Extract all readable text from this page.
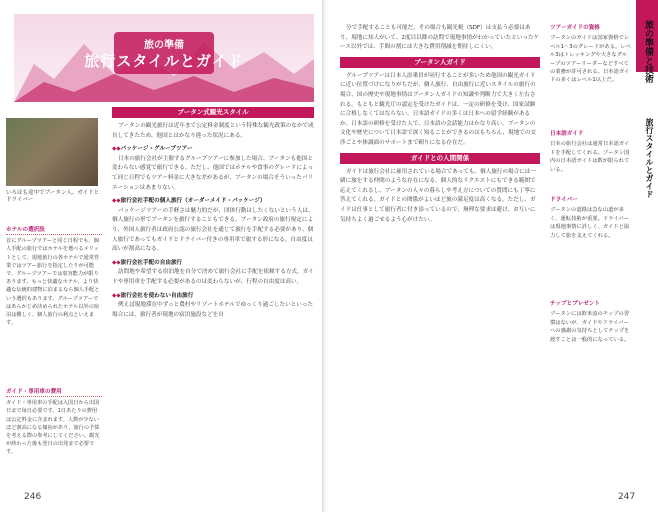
旅の準備
旅行スタイルとガイド
いろはも途中でブータン人、ガイドとドライバー
ホテルの選択肢
首にグループツアーと同じ日程でも、個人手配の旅行ではホテルを選べるメリットとして、現地旅行の各ホテルで通常営業ではツアー旅行を指定したりが可能で、グループツアーでは収容能力が限りあります。もっと快適なホテル、より快適な伝統的建物に泊まるなら個人手配という選択もあります。グループツアーではあらかじめ決められたホテル以外の宿泊は難しく、個人旅行の利点といえます。
ガイド・専用車の費用
ガイド・専用車の手配は入国日から出国日まで毎日必要です。1日あたりの費用は公定料金に含まれます。人数が少ないほど割高になる傾向があり、旅行の予算を考える際の参考にしてください。観光が終わった後も翌日の出発まで必要です。
ブータン式観光スタイル

ブータンの観光旅行は近年まで公定料金制度という特殊な観光政策のなかで成長してきたため、他国とはかなり違った状況にある。

◆◆パッケージ・グループツアー

日本の旅行会社が主催するグループツアーに参加した場合、ブータンも他国と変わらない感覚で旅行できる。ただし、他国ではホテルや食事のグレードによって同じ日程でもツアー料金に大きな差があるが、ブータンの場合そういったバリエーションはあまりない。

◆◆旅行会社手配の個人旅行（オーダーメイド・パッケージ）

パッケージツアーの手軽さは魅力的だが、団体行動はしたくないという人は、個人旅行の形でブータンを旅行することもできる。ブータン政府の旅行規定により、外国人旅行者は政府公認の旅行会社を通じて旅行を手配する必要があり、個人旅行であってもガイドとドライバー付きの専用車で旅する形になる。自由度は高いが割高になる。

◆◆旅行会社手配の自由旅行

訪問地や希望する宿泊地を自分で決めて旅行会社に手配を依頼する方式。ガイドや専用車を手配する必要があるのは変わらないが、行程の自由度は高い。

◆◆旅行会社を使わない自由旅行

例えば現地滞在中ずっと農村やリゾートホテルでゆっくり過ごしたいといった場合には、旅行者が現地の宿泊施設などを自

246

分で手配することも可能だ。その場合も観光税（SDF）は支払う必要はあり、現地に知人がいて、2度目以降の訪問で現地事情がわかっていたといったケース以外では、手間の割には大きな費用削減を期待しにくい。

ブータン人ガイド

グループツアーは日本人添乗員が同行することが多いため他国の観光ガイドに近い位置づけになりがちだが、個人旅行、自由旅行に近いスタイルの旅行の場合、国の歴史や現地事情はブータン人ガイドの知識や判断力で大きく左右される。もともと観光庁の認定を受けたガイドは、一定の研修を受け、国家試験に合格しなくてはならない。日本語ガイドの多くは日本への留学経験があるか、日本語の研修を受けた人で、日本語の会話能力はかなり高い。ブータンの文化や歴史について日本語で深く知ることができるのはもちろん、現地での交渉ごとや体調面のサポートまで頼りになる存在だ。

ガイドとの人間関係

ガイドは旅行会社に雇用されている場合であっても、個人旅行の場合には一緒に旅をする仲間のような存在になる。個人的なリクエストにもできる範囲で応えてくれるし、ブータンの人々の暮らしや考え方についての質問にも丁寧に答えてくれる。ガイドとの関係がよいほど旅の満足度は高くなる。ただし、ガイドは仕事として旅行者に付き添っているので、無理な要求は避け、お互いに気持ちよく過ごせるよう心がけたい。

ツアーガイドの資格
ブータンのガイドは国家資格でレベル1〜3のグレードがある。レベル3はトレッキングや大きなグループのツアーリーダーなどすべての業務が許可される。日本語ガイドの多くはレベル1以上だ。
日本語ガイド
日本の旅行会社は通常日本語ガイドを手配してくれる。ブータン国内の日本語ガイドは数が限られている。
ドライバー
ブータンの道路は急な山道が多く、運転技術が重要。ドライバーは現地事情に詳しく、ガイドと協力して旅を支えてくれる。
チップとプレゼント
ブータンには欧米流のチップの習慣はないが、ガイドやドライバーへの感謝の気持ちとしてチップを渡すことは一般的になっている。
旅の準備と技術
旅行スタイルとガイド
247
